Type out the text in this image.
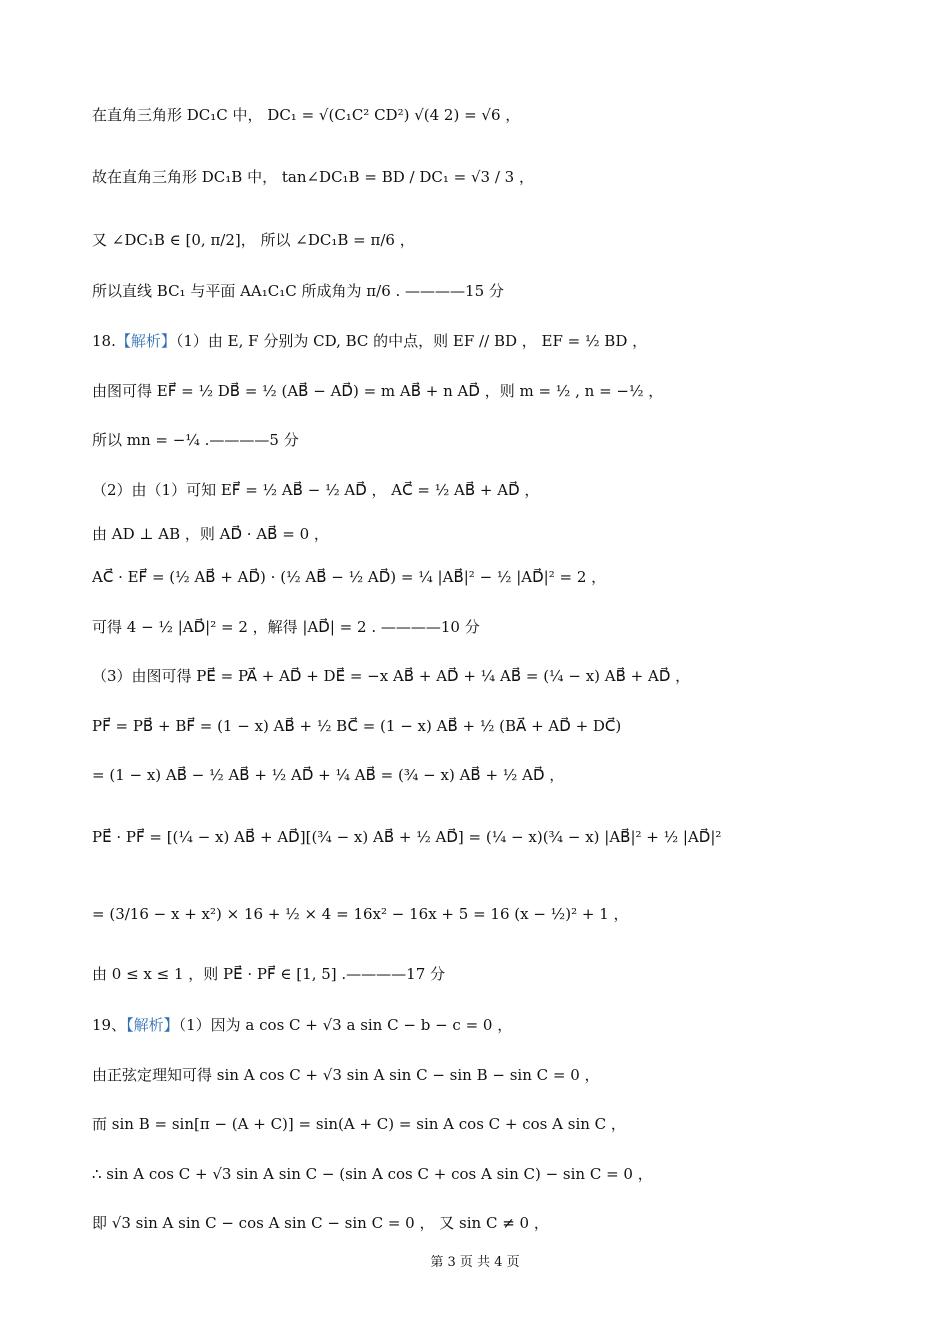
在直角三角形 DC₁C 中， DC₁ = √(C₁C² CD²) √(4 2) = √6 ，
故在直角三角形 DC₁B 中， tan∠DC₁B = BD / DC₁ = √3 / 3 ，
又 ∠DC₁B ∈ [0, π/2]， 所以 ∠DC₁B = π/6 ，
所以直线 BC₁ 与平面 AA₁C₁C 所成角为 π/6 . ————15 分
18.【解析】（1）由 E, F 分别为 CD, BC 的中点，则 EF // BD ， EF = ½ BD ，
由图可得 EF⃗ = ½ DB⃗ = ½ (AB⃗ − AD⃗) = m AB⃗ + n AD⃗ ，则 m = ½ , n = −½ ，
所以 mn = −¼ .————5 分
（2）由（1）可知 EF⃗ = ½ AB⃗ − ½ AD⃗ ， AC⃗ = ½ AB⃗ + AD⃗ ，
由 AD ⊥ AB ，则 AD⃗ · AB⃗ = 0 ，
AC⃗ · EF⃗ = (½ AB⃗ + AD⃗) · (½ AB⃗ − ½ AD⃗) = ¼ |AB⃗|² − ½ |AD⃗|² = 2 ，
可得 4 − ½ |AD⃗|² = 2 ，解得 |AD⃗| = 2 . ————10 分
（3）由图可得 PE⃗ = PA⃗ + AD⃗ + DE⃗ = −x AB⃗ + AD⃗ + ¼ AB⃗ = (¼ − x) AB⃗ + AD⃗ ，
PF⃗ = PB⃗ + BF⃗ = (1 − x) AB⃗ + ½ BC⃗ = (1 − x) AB⃗ + ½ (BA⃗ + AD⃗ + DC⃗)
= (1 − x) AB⃗ − ½ AB⃗ + ½ AD⃗ + ¼ AB⃗ = (¾ − x) AB⃗ + ½ AD⃗ ，
PE⃗ · PF⃗ = [(¼ − x) AB⃗ + AD⃗][(¾ − x) AB⃗ + ½ AD⃗] = (¼ − x)(¾ − x) |AB⃗|² + ½ |AD⃗|²
= (3/16 − x + x²) × 16 + ½ × 4 = 16x² − 16x + 5 = 16 (x − ½)² + 1 ，
由 0 ≤ x ≤ 1 ，则 PE⃗ · PF⃗ ∈ [1, 5] .————17 分
19、【解析】（1）因为 a cos C + √3 a sin C − b − c = 0 ，
由正弦定理知可得 sin A cos C + √3 sin A sin C − sin B − sin C = 0 ，
而 sin B = sin[π − (A + C)] = sin(A + C) = sin A cos C + cos A sin C ，
∴ sin A cos C + √3 sin A sin C − (sin A cos C + cos A sin C) − sin C = 0 ，
即 √3 sin A sin C − cos A sin C − sin C = 0 ， 又 sin C ≠ 0 ，
第 3 页 共 4 页
